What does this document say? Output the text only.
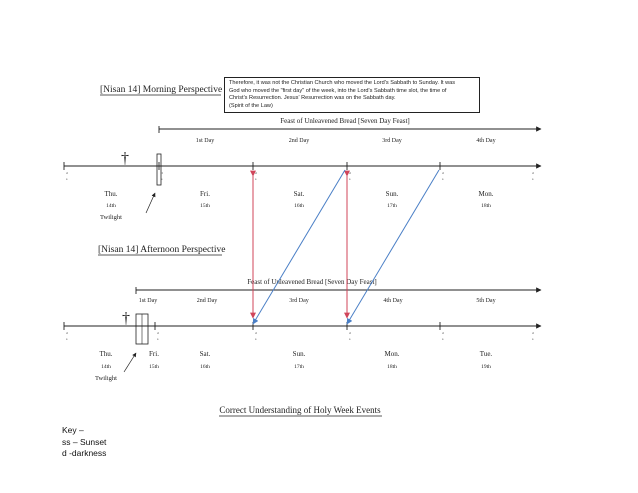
[Nisan 14] Morning Perspective
Feast of Unleavened Bread [Seven Day Feast]
1st Day	2nd Day	3rd Day	4th Day
†
d
s
d
s
d
s
d
s
d
s
d
s
Thu.	Fri.	Sat.	Sun.	Mon.
14th	15th	16th	17th	18th
Twilight
[Nisan 14] Afternoon Perspective
Feast of Unleavened Bread [Seven Day Feast]
1st Day	2nd Day	3rd Day	4th Day	5th Day
†
d
s
d
s
d
s
d
s
d
s
d
s
Thu.	Fri.	Sat.	Sun.	Mon.	Tue.
14th	15th	16th	17th	18th	19th
Twilight
Correct Understanding of Holy Week Events
Therefore, it was not the Christian Church who moved the Lord's Sabbath to Sunday. It was
God who moved the "first day" of the week, into the Lord's Sabbath time slot, the time of
Christ's Resurrection. Jesus' Resurrection was on the Sabbath day.
(Spirit of the Law)
Key –
ss – Sunset
d -darkness
